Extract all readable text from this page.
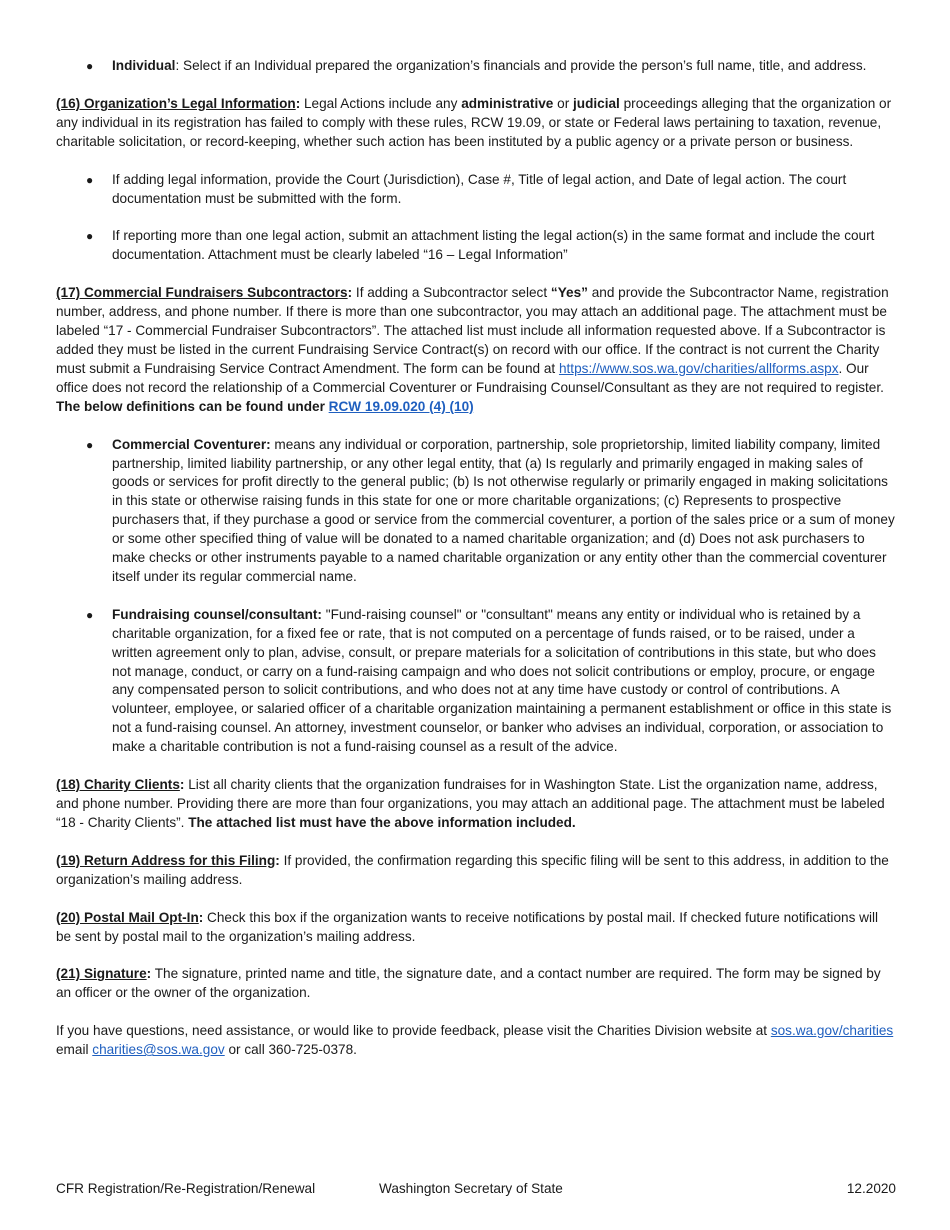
● Individual: Select if an Individual prepared the organization’s financials and provide the person’s full name, title, and address.

(16) Organization’s Legal Information: Legal Actions include any administrative or judicial proceedings alleging that the organization or any individual in its registration has failed to comply with these rules, RCW 19.09, or state or Federal laws pertaining to taxation, revenue, charitable solicitation, or record-keeping, whether such action has been instituted by a public agency or a private person or business.

● If adding legal information, provide the Court (Jurisdiction), Case #, Title of legal action, and Date of legal action. The court documentation must be submitted with the form.
● If reporting more than one legal action, submit an attachment listing the legal action(s) in the same format and include the court documentation. Attachment must be clearly labeled “16 – Legal Information”

(17) Commercial Fundraisers Subcontractors: If adding a Subcontractor select “Yes” and provide the Subcontractor Name, registration number, address, and phone number. If there is more than one subcontractor, you may attach an additional page. The attachment must be labeled “17 - Commercial Fundraiser Subcontractors”. The attached list must include all information requested above. If a Subcontractor is added they must be listed in the current Fundraising Service Contract(s) on record with our office. If the contract is not current the Charity must submit a Fundraising Service Contract Amendment. The form can be found at https://www.sos.wa.gov/charities/allforms.aspx. Our office does not record the relationship of a Commercial Coventurer or Fundraising Counsel/Consultant as they are not required to register. The below definitions can be found under RCW 19.09.020 (4) (10)

● Commercial Coventurer: means any individual or corporation, partnership, sole proprietorship, limited liability company, limited partnership, limited liability partnership, or any other legal entity, that (a) Is regularly and primarily engaged in making sales of goods or services for profit directly to the general public; (b) Is not otherwise regularly or primarily engaged in making solicitations in this state or otherwise raising funds in this state for one or more charitable organizations; (c) Represents to prospective purchasers that, if they purchase a good or service from the commercial coventurer, a portion of the sales price or a sum of money or some other specified thing of value will be donated to a named charitable organization; and (d) Does not ask purchasers to make checks or other instruments payable to a named charitable organization or any entity other than the commercial coventurer itself under its regular commercial name.
● Fundraising counsel/consultant: "Fund-raising counsel" or "consultant" means any entity or individual who is retained by a charitable organization, for a fixed fee or rate, that is not computed on a percentage of funds raised, or to be raised, under a written agreement only to plan, advise, consult, or prepare materials for a solicitation of contributions in this state, but who does not manage, conduct, or carry on a fund-raising campaign and who does not solicit contributions or employ, procure, or engage any compensated person to solicit contributions, and who does not at any time have custody or control of contributions. A volunteer, employee, or salaried officer of a charitable organization maintaining a permanent establishment or office in this state is not a fund-raising counsel. An attorney, investment counselor, or banker who advises an individual, corporation, or association to make a charitable contribution is not a fund-raising counsel as a result of the advice.

(18) Charity Clients: List all charity clients that the organization fundraises for in Washington State. List the organization name, address, and phone number. Providing there are more than four organizations, you may attach an additional page. The attachment must be labeled “18 - Charity Clients”. The attached list must have the above information included.

(19) Return Address for this Filing: If provided, the confirmation regarding this specific filing will be sent to this address, in addition to the organization’s mailing address.

(20) Postal Mail Opt-In: Check this box if the organization wants to receive notifications by postal mail. If checked future notifications will be sent by postal mail to the organization’s mailing address.

(21) Signature: The signature, printed name and title, the signature date, and a contact number are required. The form may be signed by an officer or the owner of the organization.

If you have questions, need assistance, or would like to provide feedback, please visit the Charities Division website at sos.wa.gov/charities email charities@sos.wa.gov or call 360-725-0378.

CFR Registration/Re-Registration/Renewal	Washington Secretary of State	12.2020
